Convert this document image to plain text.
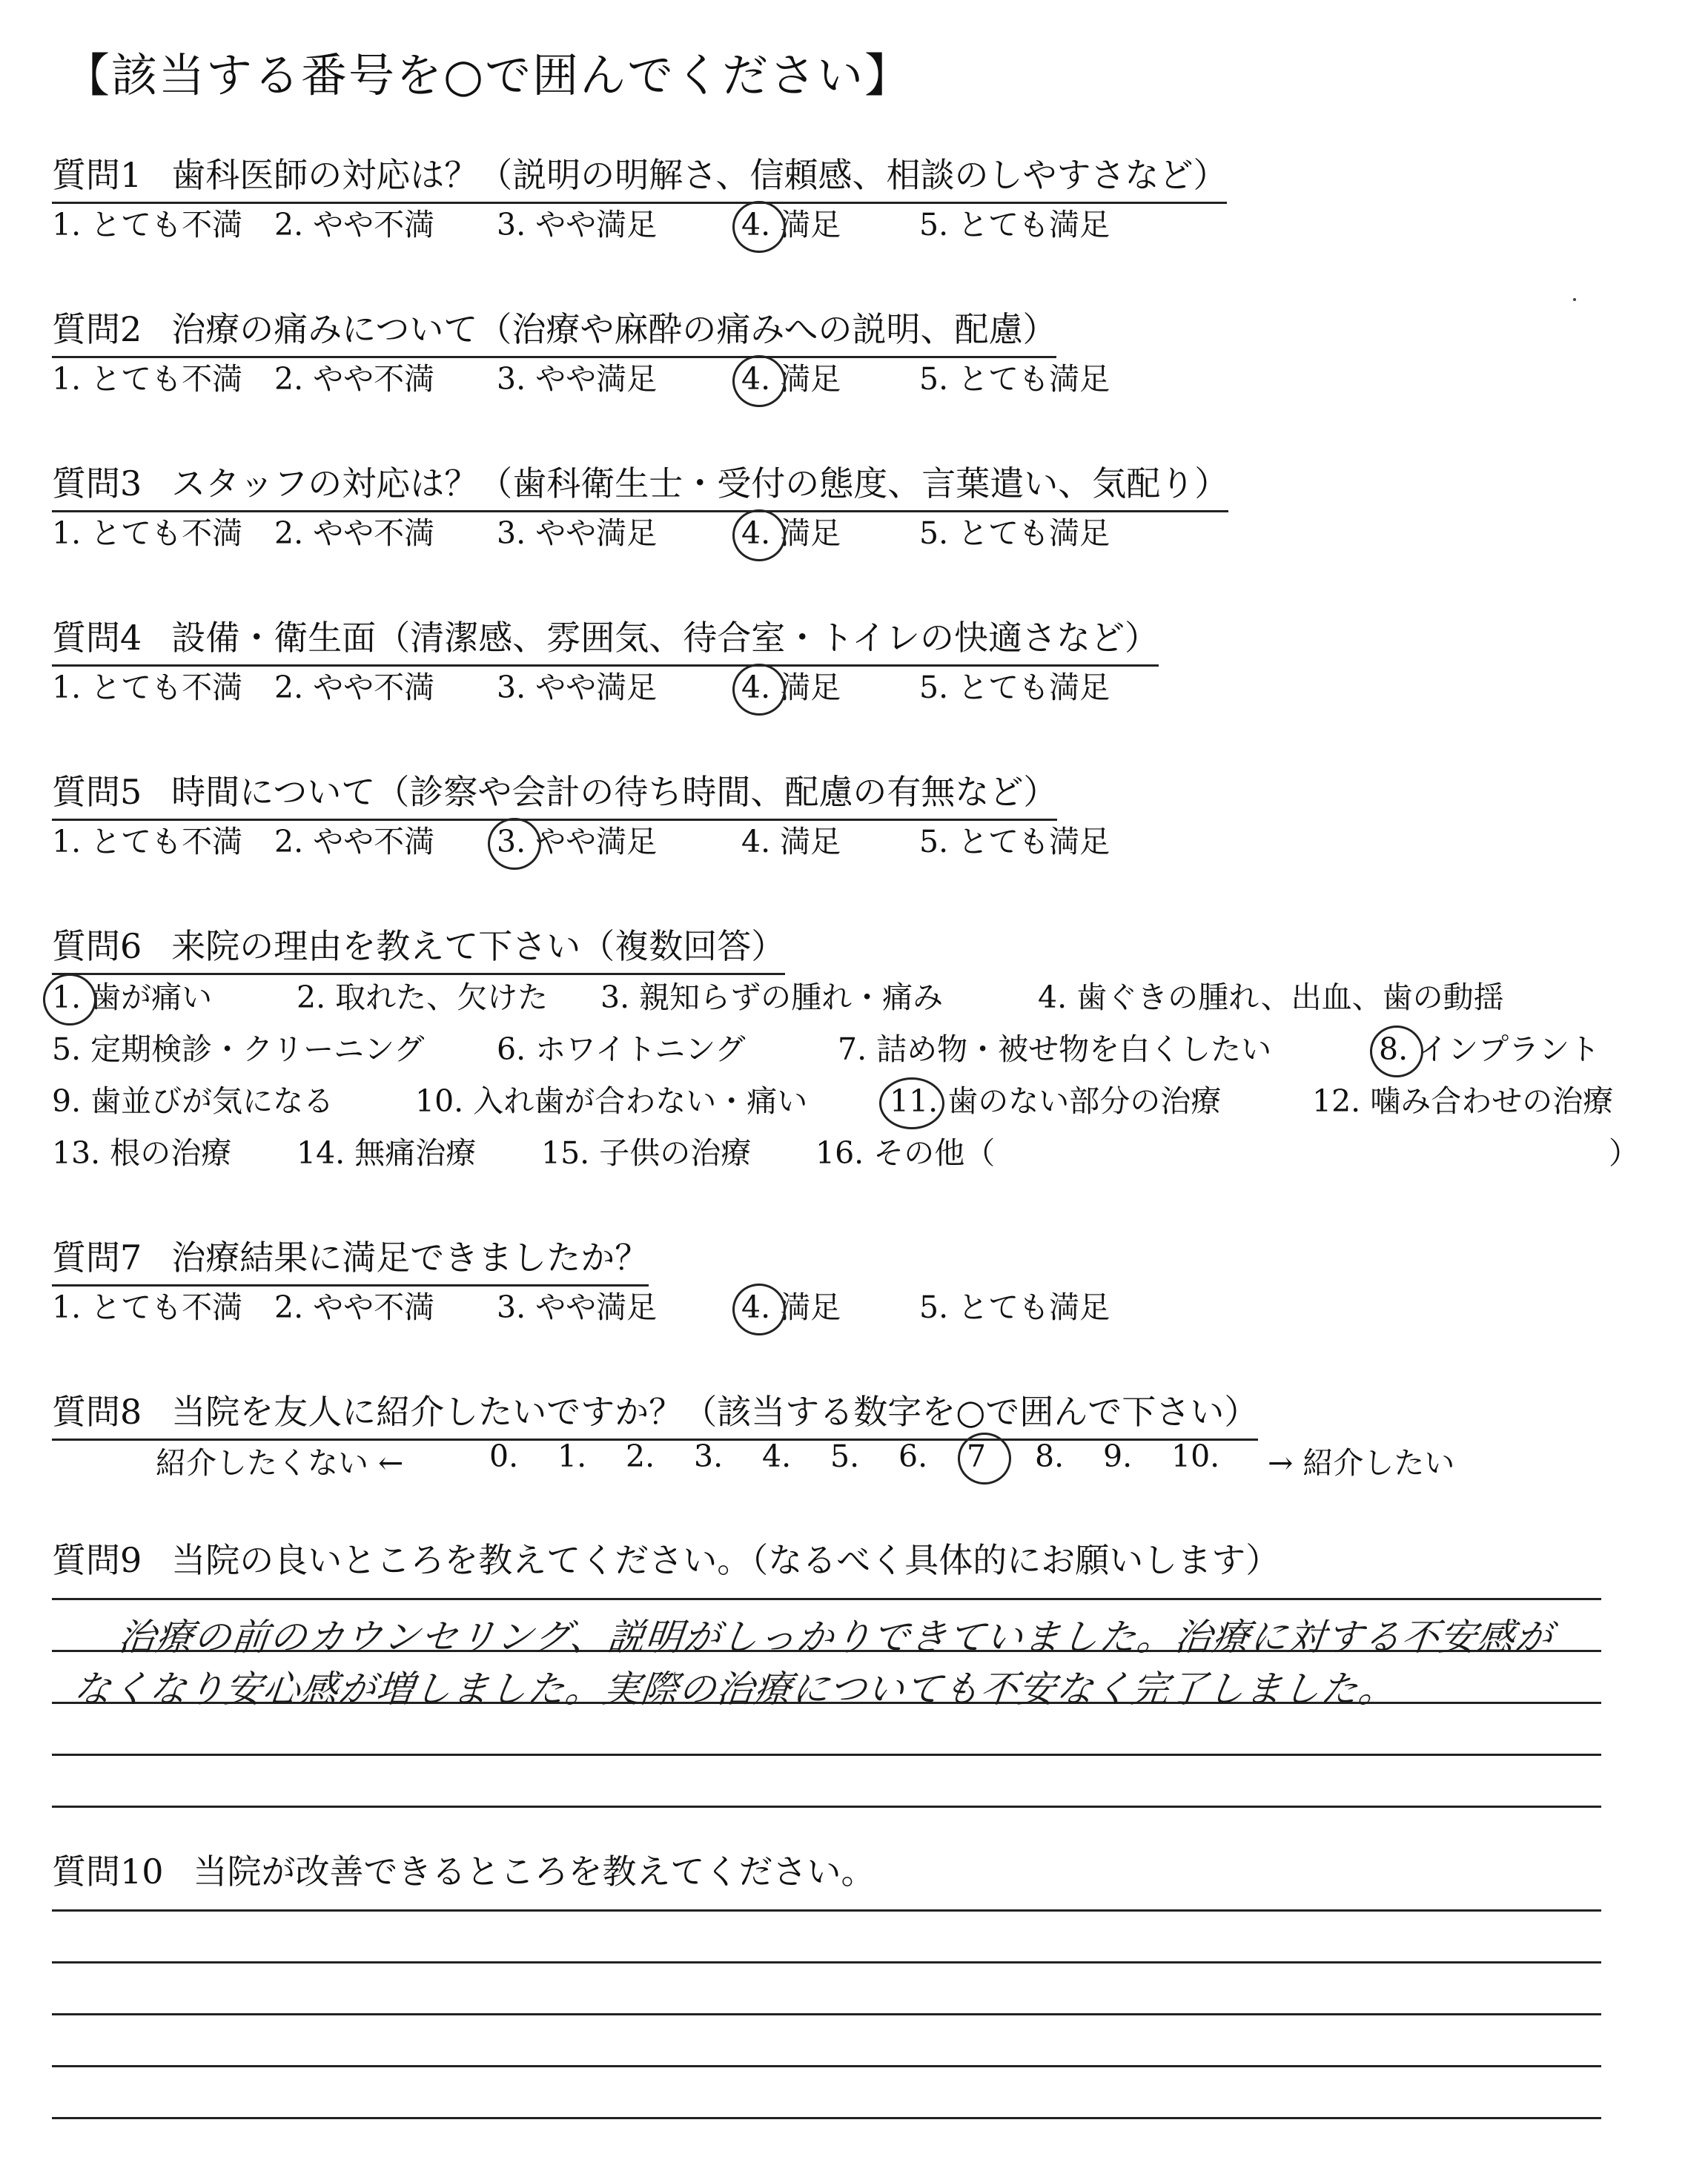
【該当する番号を○で囲んでください】
質問1 歯科医師の対応は？（説明の明解さ、信頼感、相談のしやすさなど）
1. とても不満 2. やや不満 3. やや満足	4. 満足	5. とても満足
質問2 治療の痛みについて（治療や麻酔の痛みへの説明、配慮）
1. とても不満 2. やや不満 3. やや満足	4. 満足	5. とても満足
質問3 スタッフの対応は？（歯科衛生士・受付の態度、言葉遣い、気配り）
1. とても不満 2. やや不満 3. やや満足	4. 満足	5. とても満足
質問4 設備・衛生面（清潔感、雰囲気、待合室・トイレの快適さなど）
1. とても不満 2. やや不満 3. やや満足	4. 満足	5. とても満足
質問5 時間について（診察や会計の待ち時間、配慮の有無など）
1. とても不満 2. やや不満 3. やや満足	4. 満足	5. とても満足
質問6 来院の理由を教えて下さい（複数回答）
1. 歯が痛い	2. 取れた、欠けた 3. 親知らずの腫れ・痛み	4. 歯ぐきの腫れ、出血、歯の動揺
5. 定期検診・クリーニング 6. ホワイトニング	7. 詰め物・被せ物を白くしたい	8. インプラント
9. 歯並びが気になる	10. 入れ歯が合わない・痛い	11. 歯のない部分の治療	12. 噛み合わせの治療
13. 根の治療 14. 無痛治療 15. 子供の治療 16. その他（	）
質問7 治療結果に満足できましたか？
1. とても不満 2. やや不満 3. やや満足	4. 満足	5. とても満足
質問8 当院を友人に紹介したいですか？（該当する数字を○で囲んで下さい）
紹介したくない ←	0. 1. 2. 3. 4. 5. 6. 7 8. 9. 10. → 紹介したい
質問9 当院の良いところを教えてください。（なるべく具体的にお願いします）
治療の前のカウンセリング、説明がしっかりできていました。治療に対する不安感が
なくなり安心感が増しました。実際の治療についても不安なく完了しました。
質問10 当院が改善できるところを教えてください。
